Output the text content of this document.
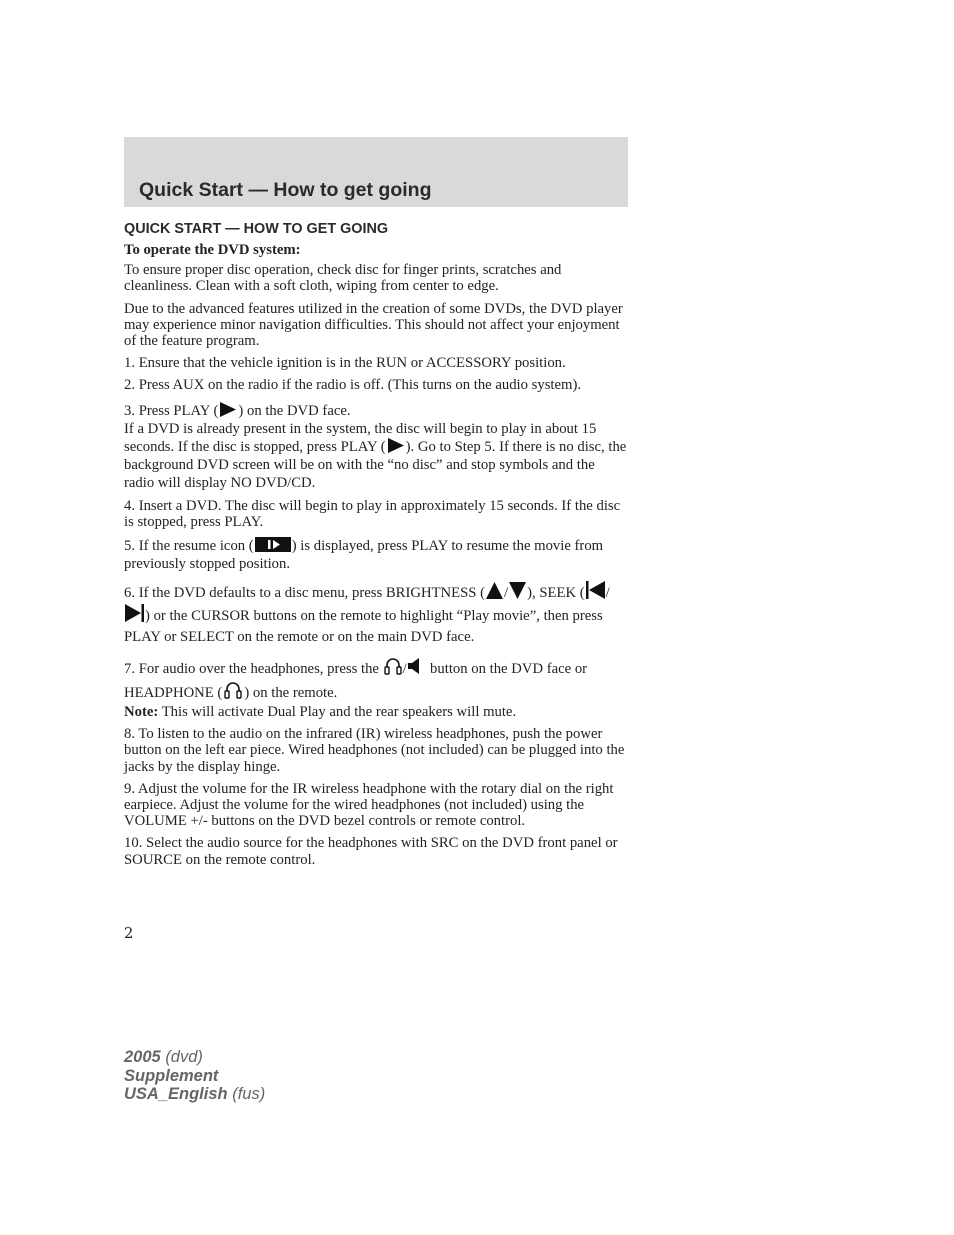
Quick Start — How to get going

QUICK START — HOW TO GET GOING

To operate the DVD system:

To ensure proper disc operation, check disc for finger prints, scratches and cleanliness. Clean with a soft cloth, wiping from center to edge.

Due to the advanced features utilized in the creation of some DVDs, the DVD player may experience minor navigation difficulties. This should not affect your enjoyment of the feature program.

1. Ensure that the vehicle ignition is in the RUN or ACCESSORY position.

2. Press AUX on the radio if the radio is off. (This turns on the audio system).

3. Press PLAY ( ) on the DVD face.

If a DVD is already present in the system, the disc will begin to play in about 15 seconds. If the disc is stopped, press PLAY ( ). Go to Step 5. If there is no disc, the background DVD screen will be on with the “no disc” and stop symbols and the radio will display NO DVD/CD.

4. Insert a DVD. The disc will begin to play in approximately 15 seconds. If the disc is stopped, press PLAY.

5. If the resume icon (	) is displayed, press PLAY to resume the movie from previously stopped position.

6. If the DVD defaults to a disc menu, press BRIGHTNESS ( / ), SEEK ( /
) or the CURSOR buttons on the remote to highlight “Play movie”, then press PLAY or SELECT on the remote or on the main DVD face.

7. For audio over the headphones, press the / button on the DVD face or HEADPHONE ( ) on the remote.

Note: This will activate Dual Play and the rear speakers will mute.

8. To listen to the audio on the infrared (IR) wireless headphones, push the power button on the left ear piece. Wired headphones (not included) can be plugged into the jacks by the display hinge.

9. Adjust the volume for the IR wireless headphone with the rotary dial on the right earpiece. Adjust the volume for the wired headphones (not included) using the VOLUME +/- buttons on the DVD bezel controls or remote control.

10. Select the audio source for the headphones with SRC on the DVD front panel or SOURCE on the remote control.

2
2005 (dvd)
Supplement
USA_English (fus)
